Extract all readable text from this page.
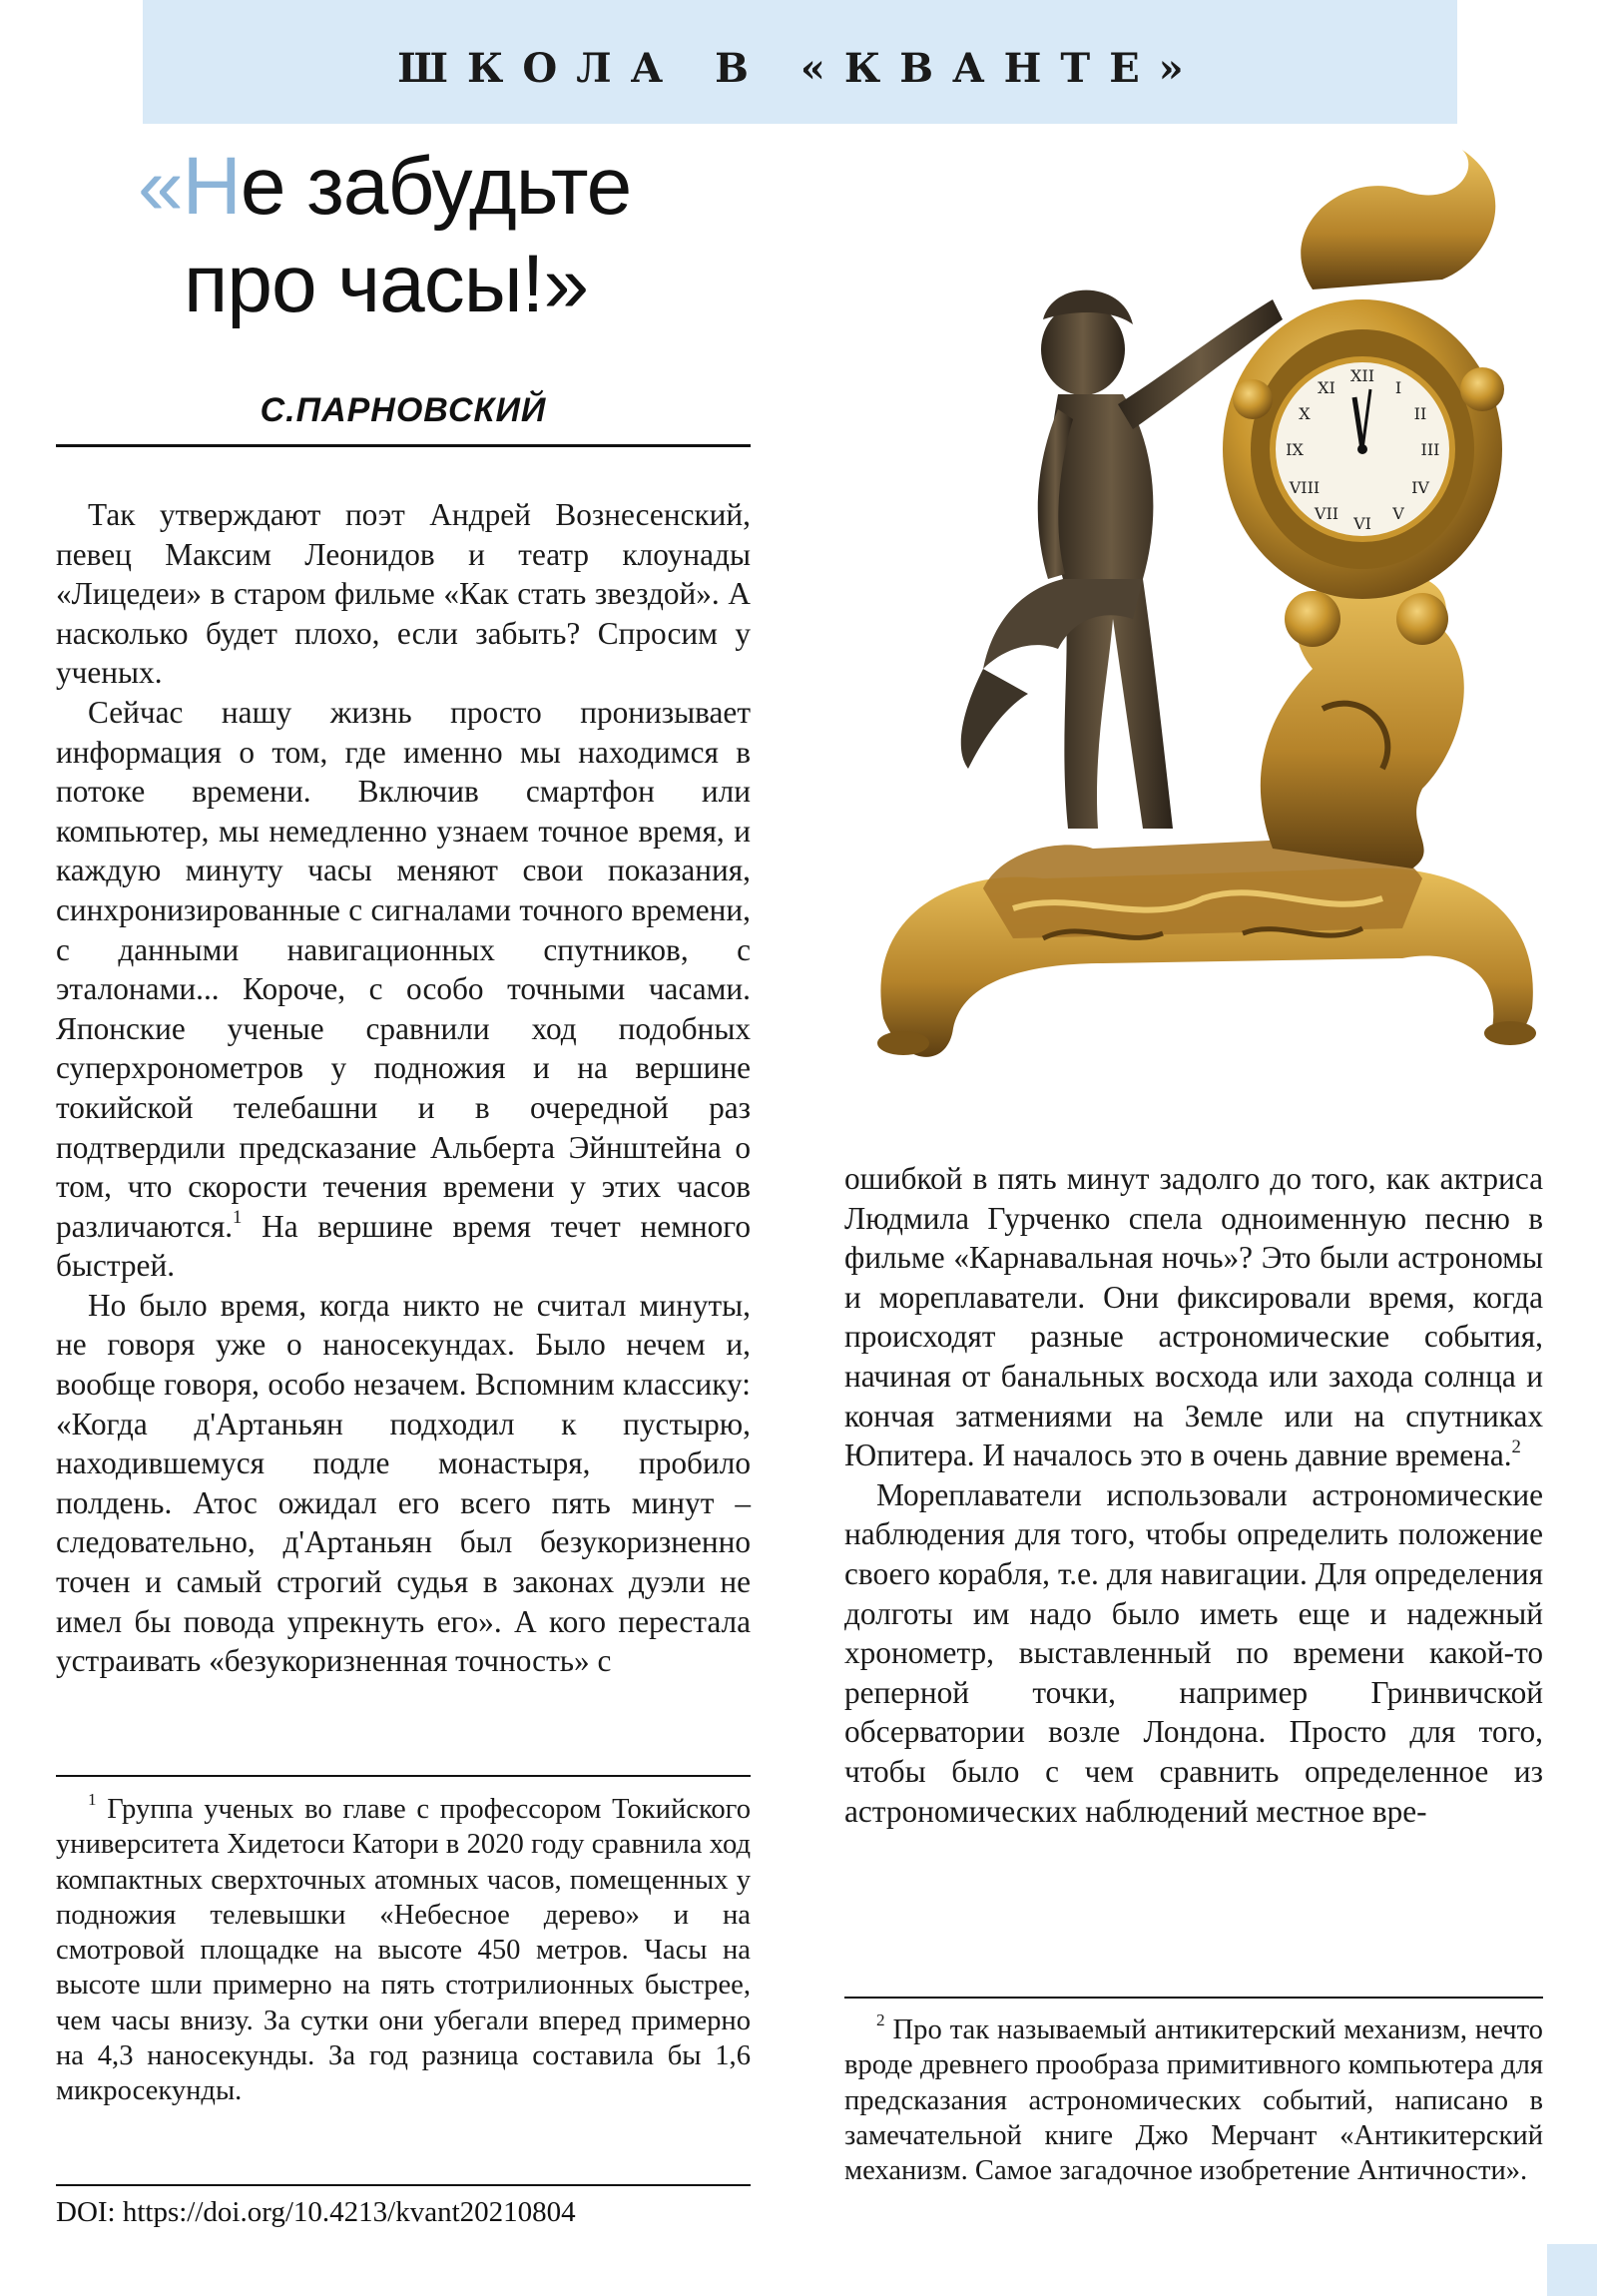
ШКОЛА В «КВАНТЕ»
«Не забудьте
про часы!»
С.ПАРНОВСКИЙ

Так утверждают поэт Андрей Вознесенский, певец Максим Леонидов и театр клоунады «Лицедеи» в старом фильме «Как стать звездой». А насколько будет плохо, если забыть? Спросим у ученых.

Сейчас нашу жизнь просто пронизывает информация о том, где именно мы находимся в потоке времени. Включив смартфон или компьютер, мы немедленно узнаем точное время, и каждую минуту часы меняют свои показания, синхронизированные с сигналами точного времени, с данными навигационных спутников, с эталонами... Короче, с особо точными часами. Японские ученые сравнили ход подобных суперхронометров у подножия и на вершине токийской телебашни и в очередной раз подтвердили предсказание Альберта Эйнштейна о том, что скорости течения времени у этих часов различаются.$^1$ На вершине время течет немного быстрей.

Но было время, когда никто не считал минуты, не говоря уже о наносекундах. Было нечем и, вообще говоря, особо незачем. Вспомним классику: «Когда д'Артаньян подходил к пустырю, находившемуся подле монастыря, пробило полдень. Атос ожидал его всего пять минут – следовательно, д'Артаньян был безукоризненно точен и самый строгий судья в законах дуэли не имел бы повода упрекнуть его». А кого перестала устраивать «безукоризненная точность» с

$^1$ Группа ученых во главе с профессором Токийского университета Хидетоси Катори в 2020 году сравнила ход компактных сверхточных атомных часов, помещенных у подножия телевышки «Небесное дерево» и на смотровой площадке на высоте 450 метров. Часы на высоте шли примерно на пять стотрилионных быстрее, чем часы внизу. За сутки они убегали вперед примерно на 4,3 наносекунды. За год разница составила бы 1,6 микросекунды.

DOI: https://doi.org/10.4213/kvant20210804
XII
III
VI
IX
I
II
IV
V
VII
VIII
X
XI

ошибкой в пять минут задолго до того, как актриса Людмила Гурченко спела одноименную песню в фильме «Карнавальная ночь»? Это были астрономы и мореплаватели. Они фиксировали время, когда происходят разные астрономические события, начиная от банальных восхода или захода солнца и кончая затмениями на Земле или на спутниках Юпитера. И началось это в очень давние времена.$^2$

Мореплаватели использовали астрономические наблюдения для того, чтобы определить положение своего корабля, т.е. для навигации. Для определения долготы им надо было иметь еще и надежный хронометр, выставленный по времени какой-то реперной точки, например Гринвичской обсерватории возле Лондона. Просто для того, чтобы было с чем сравнить определенное из астрономических наблюдений местное вре-

$^2$ Про так называемый антикитерский механизм, нечто вроде древнего прообраза примитивного компьютера для предсказания астрономических событий, написано в замечательной книге Джо Мерчант «Антикитерский механизм. Самое загадочное изобретение Античности».
